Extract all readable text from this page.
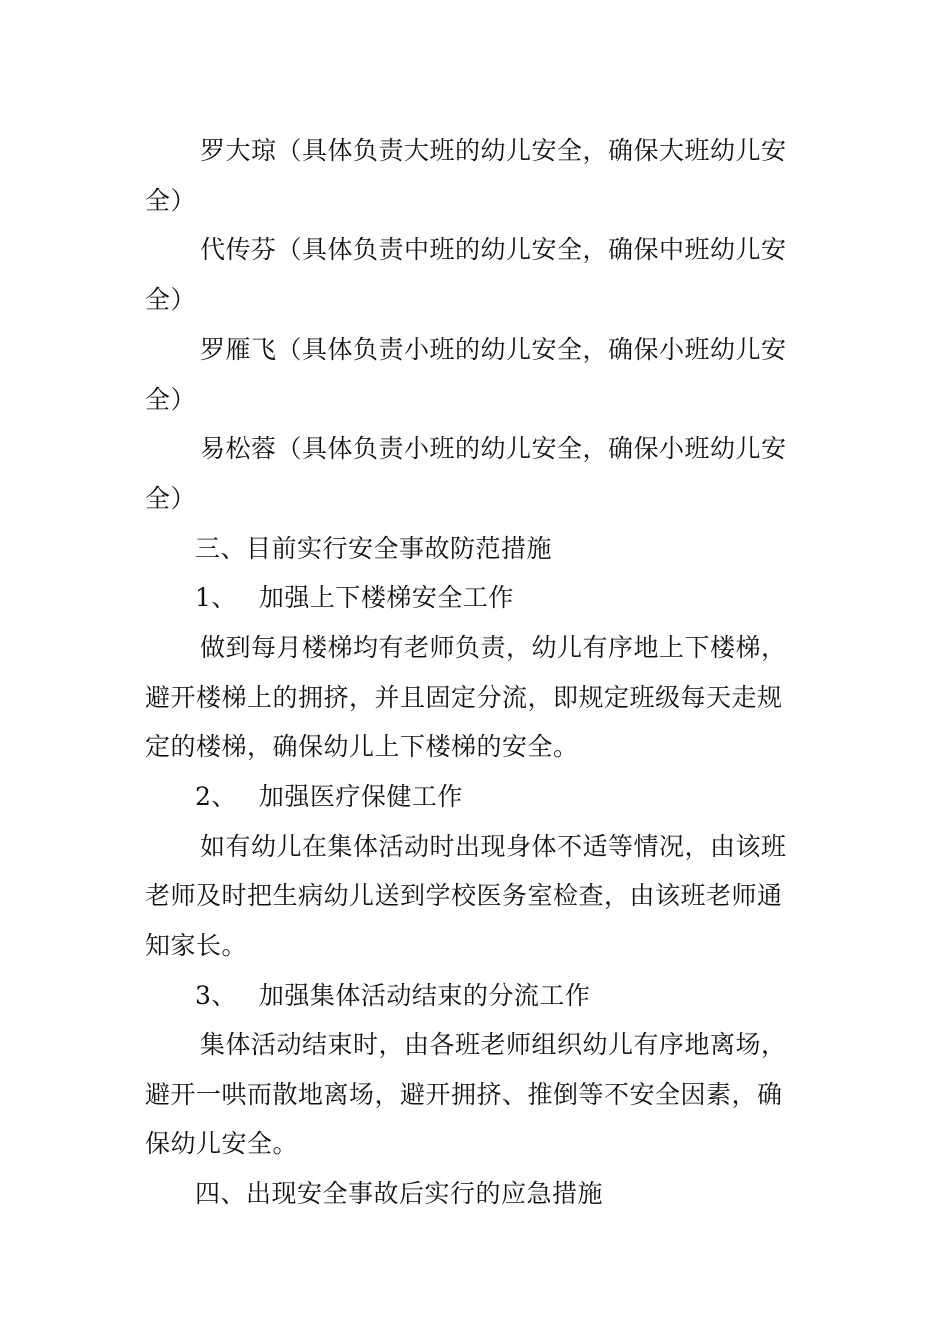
罗大琼（具体负责大班的幼儿安全，确保大班幼儿安
全）
代传芬（具体负责中班的幼儿安全，确保中班幼儿安
全）
罗雁飞（具体负责小班的幼儿安全，确保小班幼儿安
全）
易松蓉（具体负责小班的幼儿安全，确保小班幼儿安
全）
三、目前实行安全事故防范措施
1、 加强上下楼梯安全工作
做到每月楼梯均有老师负责，幼儿有序地上下楼梯，
避开楼梯上的拥挤，并且固定分流，即规定班级每天走规
定的楼梯，确保幼儿上下楼梯的安全。
2、 加强医疗保健工作
如有幼儿在集体活动时出现身体不适等情况，由该班
老师及时把生病幼儿送到学校医务室检查，由该班老师通
知家长。
3、 加强集体活动结束的分流工作
集体活动结束时，由各班老师组织幼儿有序地离场，
避开一哄而散地离场，避开拥挤、推倒等不安全因素，确
保幼儿安全。
四、出现安全事故后实行的应急措施
